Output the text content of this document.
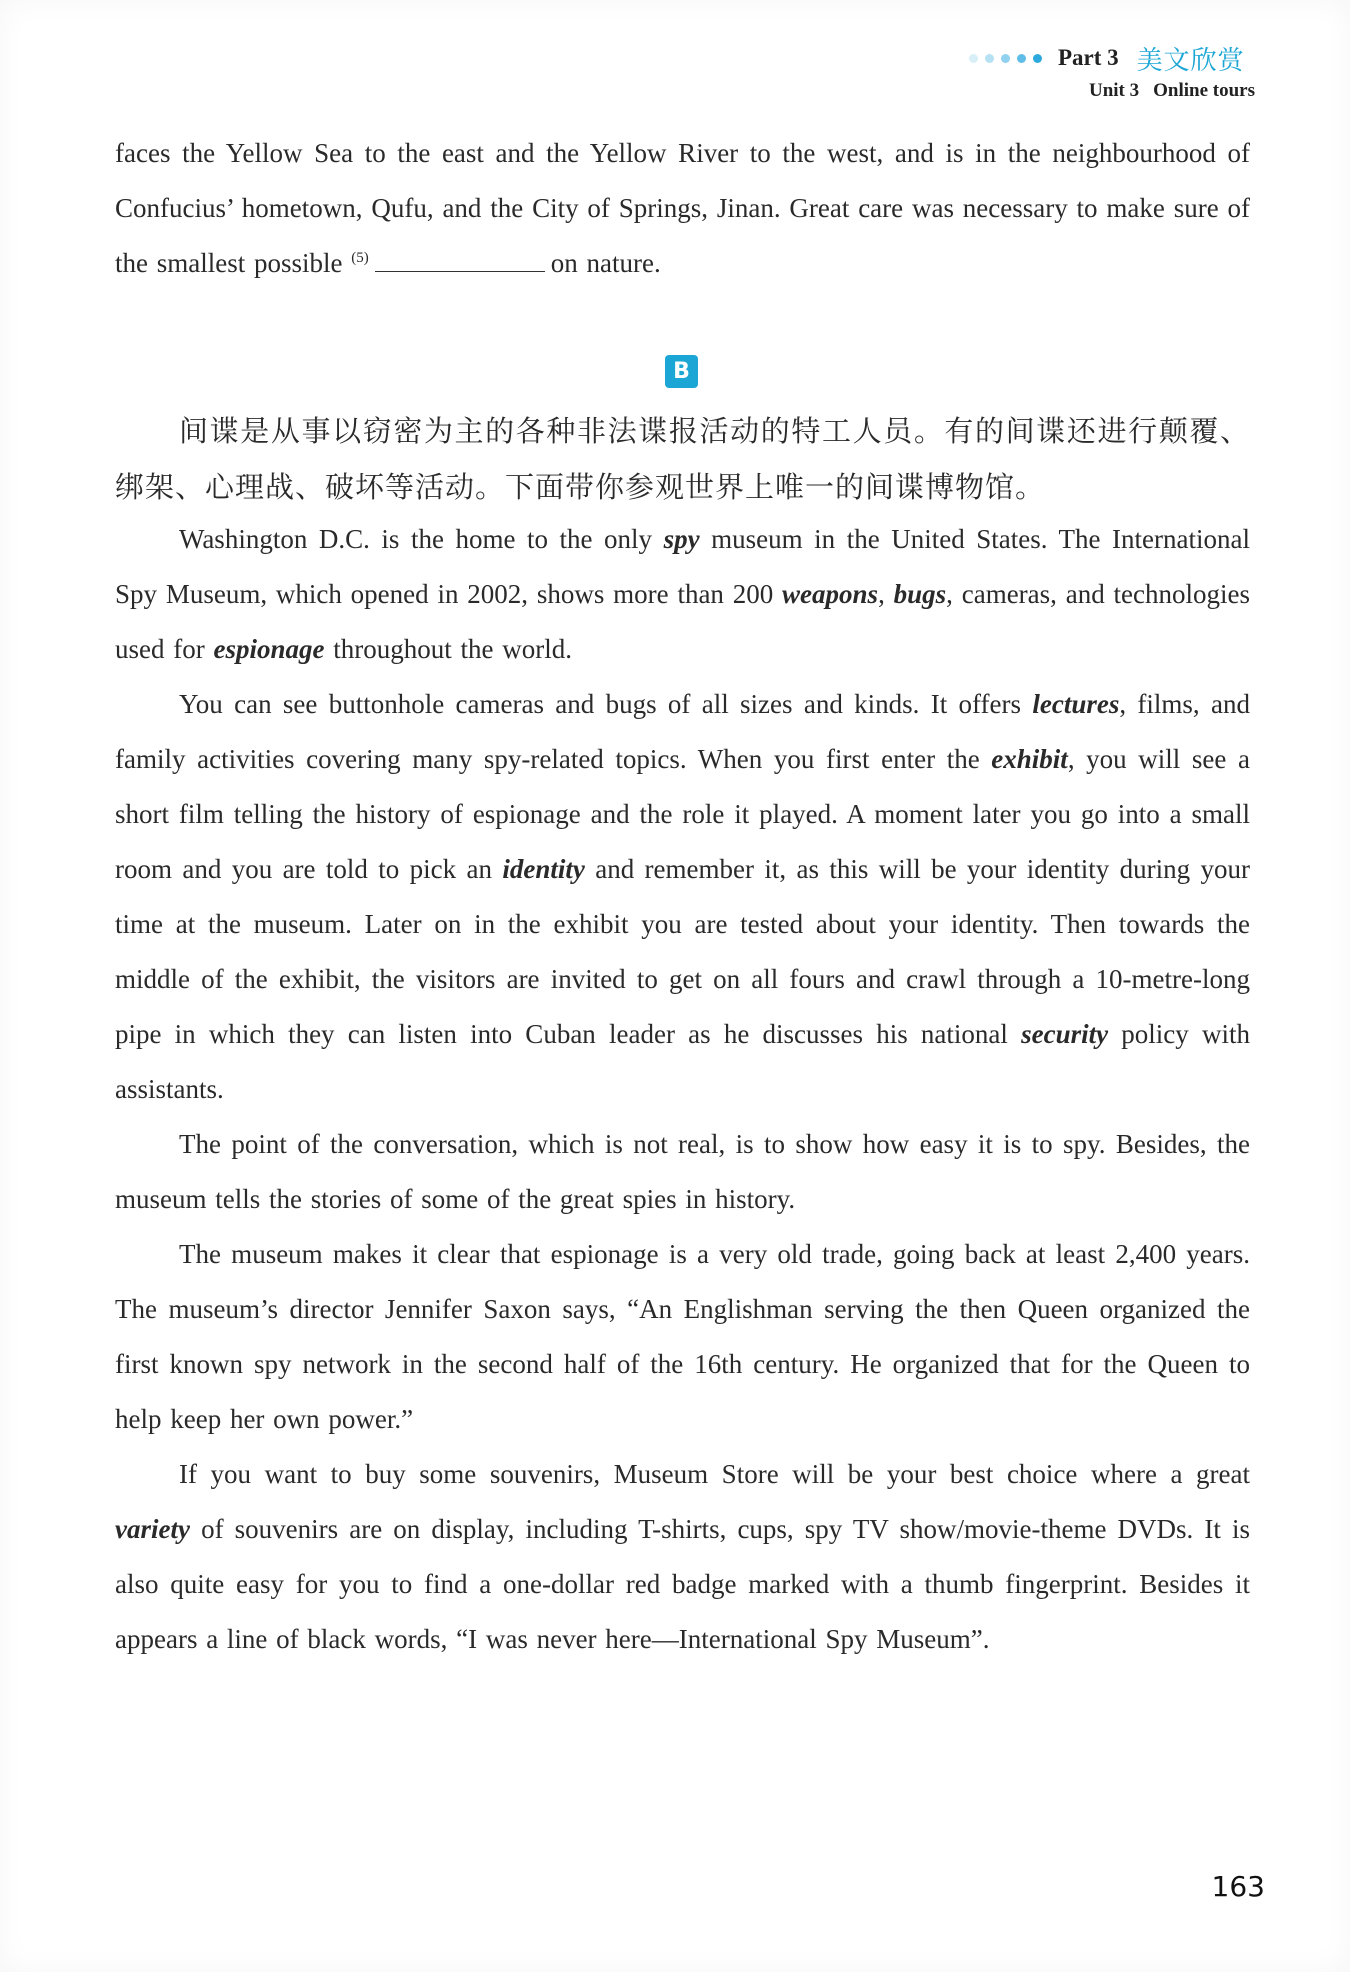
Part 3 美文欣赏
Unit 3 Online tours

faces the Yellow Sea to the east and the Yellow River to the west, and is in the neighbourhood of Confucius’ hometown, Qufu, and the City of Springs, Jinan. Great care was necessary to make sure of the smallest possible $^{(5)}$	on nature.

B
间谍是从事以窃密为主的各种非法谍报活动的特工人员。有的间谍还进行颠覆、绑架、心理战、破坏等活动。下面带你参观世界上唯一的间谍博物馆。

Washington D.C. is the home to the only spy museum in the United States. The International Spy Museum, which opened in 2002, shows more than 200 weapons, bugs, cameras, and technologies used for espionage throughout the world.

You can see buttonhole cameras and bugs of all sizes and kinds. It offers lectures, films, and family activities covering many spy-related topics. When you first enter the exhibit, you will see a short film telling the history of espionage and the role it played. A moment later you go into a small room and you are told to pick an identity and remember it, as this will be your identity during your time at the museum. Later on in the exhibit you are tested about your identity. Then towards the middle of the exhibit, the visitors are invited to get on all fours and crawl through a 10-metre-long pipe in which they can listen into Cuban leader as he discusses his national security policy with assistants.

The point of the conversation, which is not real, is to show how easy it is to spy. Besides, the museum tells the stories of some of the great spies in history.

The museum makes it clear that espionage is a very old trade, going back at least 2,400 years. The museum’s director Jennifer Saxon says, “An Englishman serving the then Queen organized the first known spy network in the second half of the 16th century. He organized that for the Queen to help keep her own power.”

If you want to buy some souvenirs, Museum Store will be your best choice where a great variety of souvenirs are on display, including T-shirts, cups, spy TV show/movie-theme DVDs. It is also quite easy for you to find a one-dollar red badge marked with a thumb fingerprint. Besides it appears a line of black words, “I was never here—International Spy Museum”.

163
